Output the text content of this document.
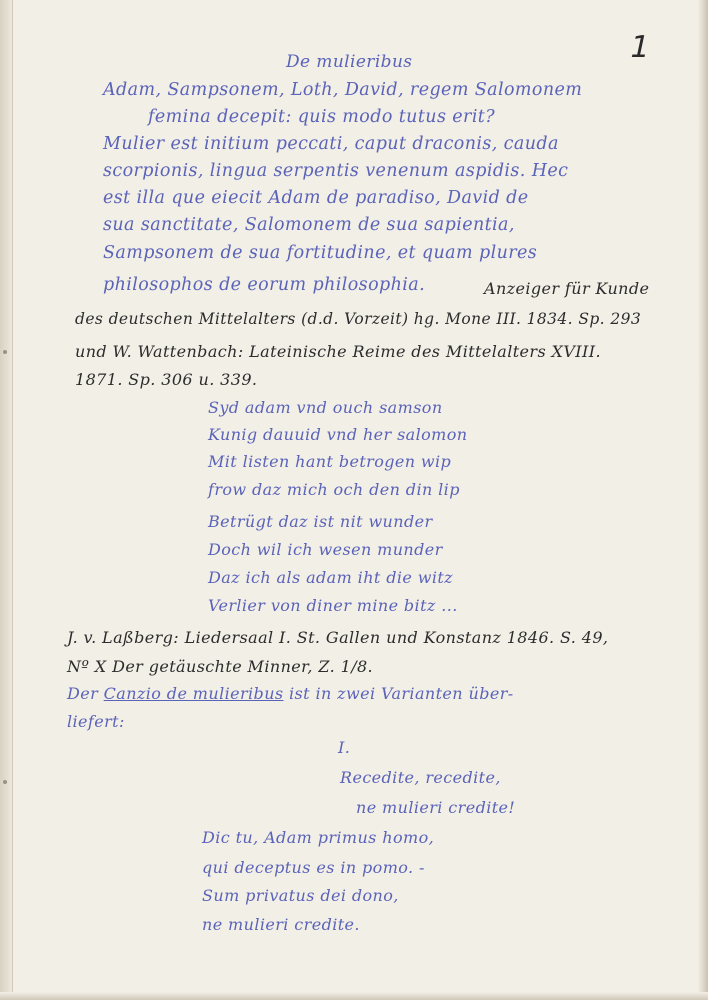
1
De mulieribus
Adam, Sampsonem, Loth, David, regem Salomonem
femina decepit: quis modo tutus erit?
Mulier est initium peccati, caput draconis, cauda
scorpionis, lingua serpentis venenum aspidis. Hec
est illa que eiecit Adam de paradiso, David de
sua sanctitate, Salomonem de sua sapientia,
Sampsonem de sua fortitudine, et quam plures
philosophos de eorum philosophia.	Anzeiger für Kunde
des deutschen Mittelalters (d.d. Vorzeit) hg. Mone III. 1834. Sp. 293
und W. Wattenbach: Lateinische Reime des Mittelalters XVIII.
1871. Sp. 306 u. 339.
Syd adam vnd ouch samson
Kunig dauuid vnd her salomon
Mit listen hant betrogen wip
frow daz mich och den din lip
Betrügt daz ist nit wunder
Doch wil ich wesen munder
Daz ich als adam iht die witz
Verlier von diner mine bitz ...
J. v. Laßberg: Liedersaal I. St. Gallen und Konstanz 1846. S. 49,
Nº X Der getäuschte Minner, Z. 1/8.
Der Canzio de mulieribus ist in zwei Varianten über-
liefert:
I.
Recedite, recedite,
ne mulieri credite!
Dic tu, Adam primus homo,
qui deceptus es in pomo. -
Sum privatus dei dono,
ne mulieri credite.
